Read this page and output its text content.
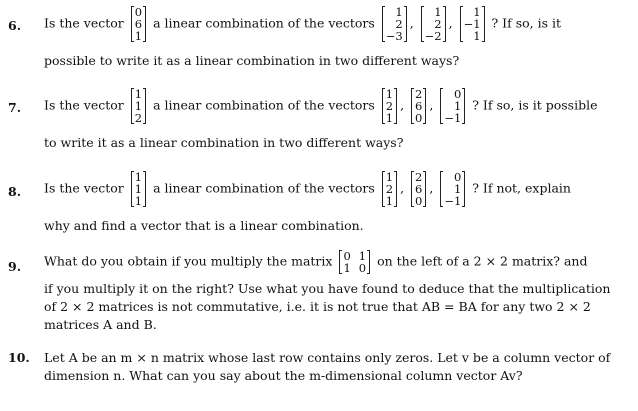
6. Is the vector
0
6
1
a linear combination of the vectors
1
2
−3
,
1
2
−2
,
1
−1
1
? If so, is it
possible to write it as a linear combination in two different ways?
7. Is the vector
1
1
2
a linear combination of the vectors
1
2
1
,
2
6
0
,
0
1
−1
? If so, is it possible
to write it as a linear combination in two different ways?
8. Is the vector
1
1
1
a linear combination of the vectors
1
2
1
,
2
6
0
,
0
1
−1
? If not, explain
why and find a vector that is a linear combination.
9. What do you obtain if you multiply the matrix 0 1
1 0 on the left of a 2 × 2 matrix? and
if you multiply it on the right? Use what you have found to deduce that the multiplication
of 2 × 2 matrices is not commutative, i.e. it is not true that AB = BA for any two 2 × 2
matrices A and B.
10. Let A be an m × n matrix whose last row contains only zeros. Let v be a column vector of
dimension n. What can you say about the m-dimensional column vector Av?
